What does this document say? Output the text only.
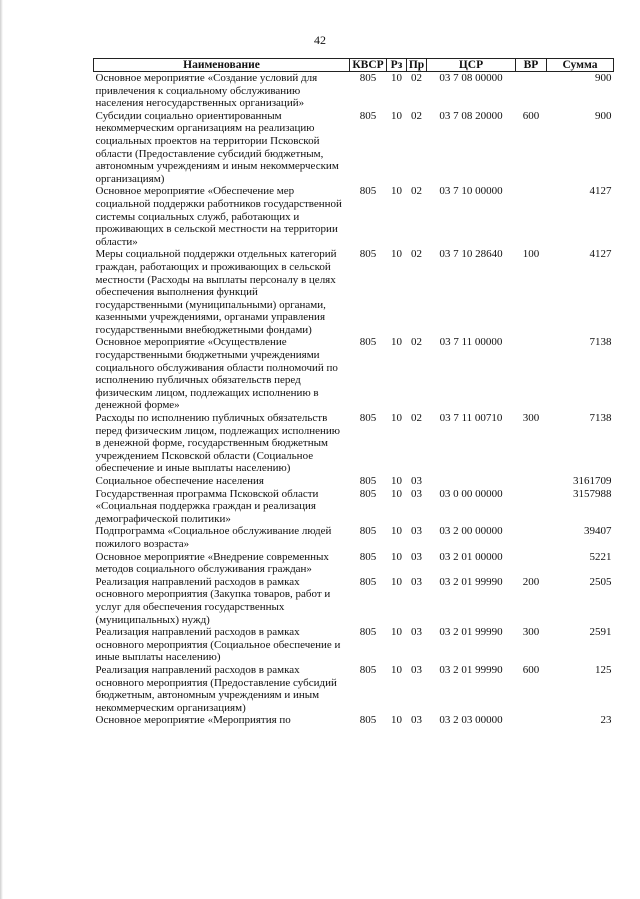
42
Наименование	КВСР	Рз	Пр	ЦСР	ВР	Сумма
Основное мероприятие «Создание условий для привлечения к социальному обслуживанию населения негосударственных организаций»	805	10	02	03 7 08 00000		900
Субсидии социально ориентированным некоммерческим организациям на реализацию социальных проектов на территории Псковской области (Предоставление субсидий бюджетным, автономным учреждениям и иным некоммерческим организациям)	805	10	02	03 7 08 20000	600	900
Основное мероприятие «Обеспечение мер социальной поддержки работников государственной системы социальных служб, работающих и проживающих в сельской местности на территории области»	805	10	02	03 7 10 00000		4127
Меры социальной поддержки отдельных категорий граждан, работающих и проживающих в сельской местности (Расходы на выплаты персоналу в целях обеспечения выполнения функций государственными (муниципальными) органами, казенными учреждениями, органами управления государственными внебюджетными фондами)	805	10	02	03 7 10 28640	100	4127
Основное мероприятие «Осуществление государственными бюджетными учреждениями социального обслуживания области полномочий по исполнению публичных обязательств перед физическим лицом, подлежащих исполнению в денежной форме»	805	10	02	03 7 11 00000		7138
Расходы по исполнению публичных обязательств перед физическим лицом, подлежащих исполнению в денежной форме, государственным бюджетным учреждением Псковской области (Социальное обеспечение и иные выплаты населению)	805	10	02	03 7 11 00710	300	7138
Социальное обеспечение населения	805	10	03			3161709
Государственная программа Псковской области «Социальная поддержка граждан и реализация демографической политики»	805	10	03	03 0 00 00000		3157988
Подпрограмма «Социальное обслуживание людей пожилого возраста»	805	10	03	03 2 00 00000		39407
Основное мероприятие «Внедрение современных методов социального обслуживания граждан»	805	10	03	03 2 01 00000		5221
Реализация направлений расходов в рамках основного мероприятия (Закупка товаров, работ и услуг для обеспечения государственных (муниципальных) нужд)	805	10	03	03 2 01 99990	200	2505
Реализация направлений расходов в рамках основного мероприятия (Социальное обеспечение и иные выплаты населению)	805	10	03	03 2 01 99990	300	2591
Реализация направлений расходов в рамках основного мероприятия (Предоставление субсидий бюджетным, автономным учреждениям и иным некоммерческим организациям)	805	10	03	03 2 01 99990	600	125
Основное мероприятие «Мероприятия по	805	10	03	03 2 03 00000		23
